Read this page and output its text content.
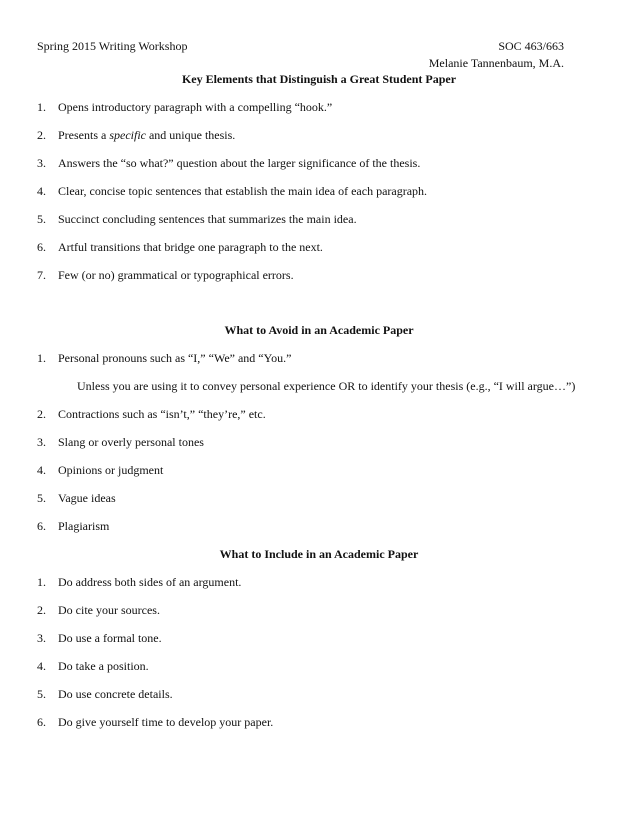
Spring 2015 Writing Workshop	SOC 463/663
Melanie Tannenbaum, M.A.
Key Elements that Distinguish a Great Student Paper
1. Opens introductory paragraph with a compelling “hook.”
2. Presents a specific and unique thesis.
3. Answers the “so what?” question about the larger significance of the thesis.
4. Clear, concise topic sentences that establish the main idea of each paragraph.
5. Succinct concluding sentences that summarizes the main idea.
6. Artful transitions that bridge one paragraph to the next.
7. Few (or no) grammatical or typographical errors.
What to Avoid in an Academic Paper
1. Personal pronouns such as “I,” “We” and “You.”
Unless you are using it to convey personal experience OR to identify your thesis (e.g., “I will argue…”)
2. Contractions such as “isn’t,” “they’re,” etc.
3. Slang or overly personal tones
4. Opinions or judgment
5. Vague ideas
6. Plagiarism
What to Include in an Academic Paper
1. Do address both sides of an argument.
2. Do cite your sources.
3. Do use a formal tone.
4. Do take a position.
5. Do use concrete details.
6. Do give yourself time to develop your paper.
